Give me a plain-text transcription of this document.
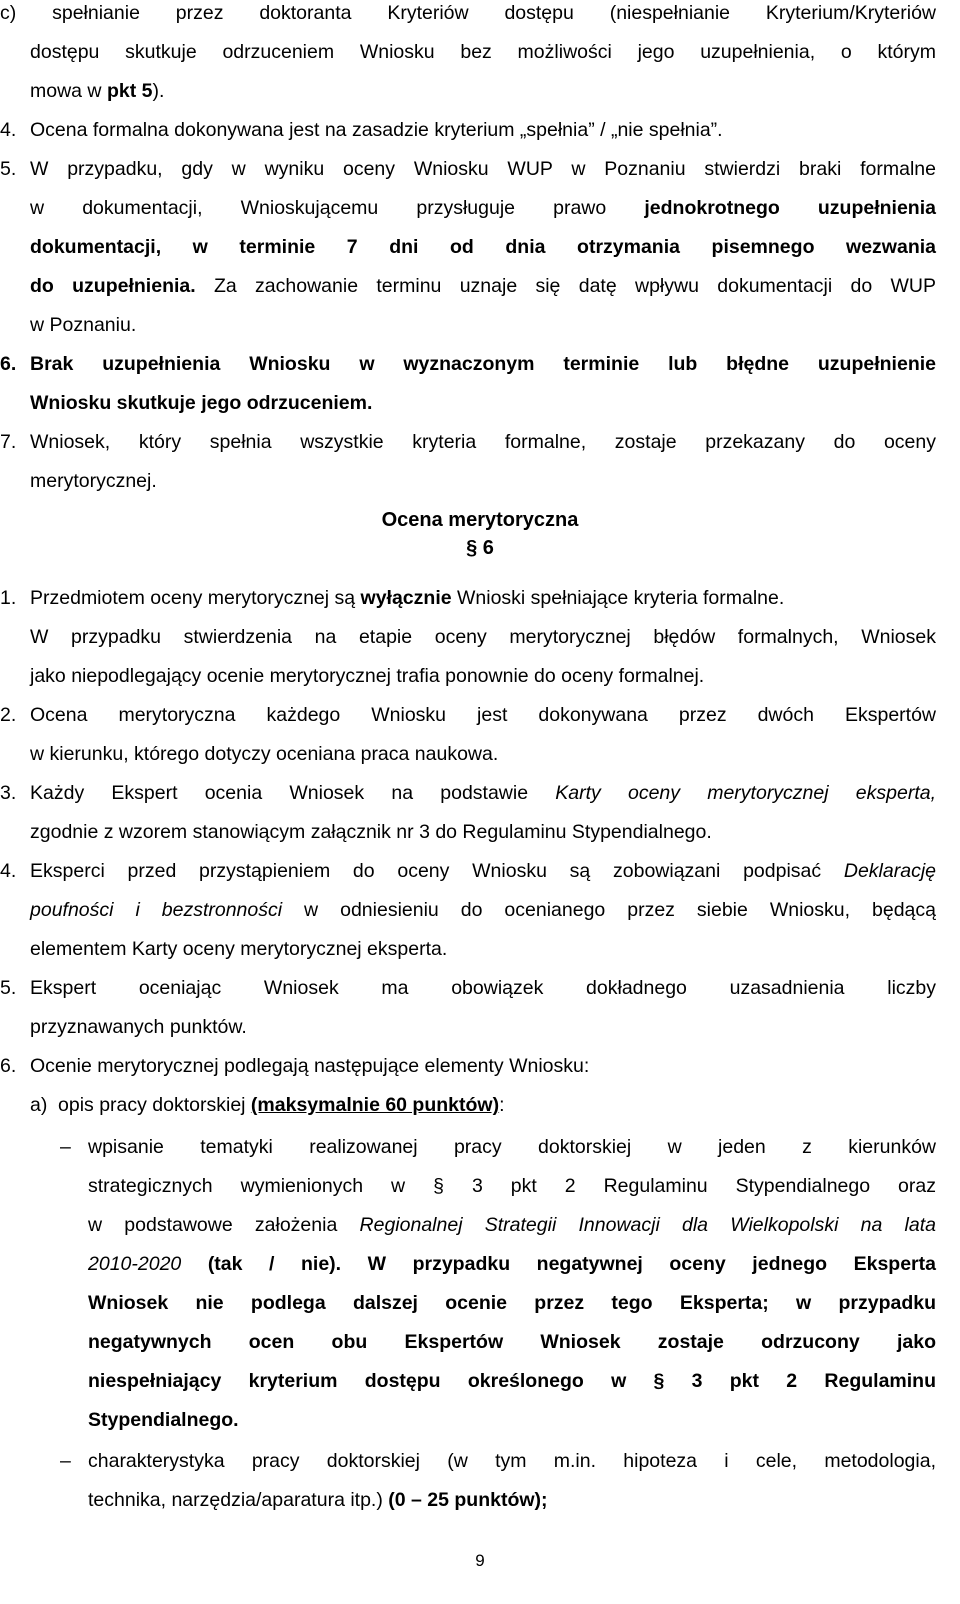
c) spełnianie przez doktoranta Kryteriów dostępu (niespełnianie Kryterium/Kryteriów
dostępu skutkuje odrzuceniem Wniosku bez możliwości jego uzupełnienia, o którym
mowa w pkt 5).
4. Ocena formalna dokonywana jest na zasadzie kryterium „spełnia” / „nie spełnia”.
5. W przypadku, gdy w wyniku oceny Wniosku WUP w Poznaniu stwierdzi braki formalne
w dokumentacji, Wnioskującemu przysługuje prawo jednokrotnego uzupełnienia
dokumentacji, w terminie 7 dni od dnia otrzymania pisemnego wezwania
do uzupełnienia. Za zachowanie terminu uznaje się datę wpływu dokumentacji do WUP
w Poznaniu.
6. Brak uzupełnienia Wniosku w wyznaczonym terminie lub błędne uzupełnienie
Wniosku skutkuje jego odrzuceniem.
7. Wniosek, który spełnia wszystkie kryteria formalne, zostaje przekazany do oceny
merytorycznej.
Ocena merytoryczna
§ 6
1. Przedmiotem oceny merytorycznej są wyłącznie Wnioski spełniające kryteria formalne.
W przypadku stwierdzenia na etapie oceny merytorycznej błędów formalnych, Wniosek
jako niepodlegający ocenie merytorycznej trafia ponownie do oceny formalnej.
2. Ocena merytoryczna każdego Wniosku jest dokonywana przez dwóch Ekspertów
w kierunku, którego dotyczy oceniana praca naukowa.
3. Każdy Ekspert ocenia Wniosek na podstawie Karty oceny merytorycznej eksperta,
zgodnie z wzorem stanowiącym załącznik nr 3 do Regulaminu Stypendialnego.
4. Eksperci przed przystąpieniem do oceny Wniosku są zobowiązani podpisać Deklarację
poufności i bezstronności w odniesieniu do ocenianego przez siebie Wniosku, będącą
elementem Karty oceny merytorycznej eksperta.
5. Ekspert oceniając Wniosek ma obowiązek dokładnego uzasadnienia liczby
przyznawanych punktów.
6. Ocenie merytorycznej podlegają następujące elementy Wniosku:
a) opis pracy doktorskiej (maksymalnie 60 punktów):
– wpisanie tematyki realizowanej pracy doktorskiej w jeden z kierunków
strategicznych wymienionych w § 3 pkt 2 Regulaminu Stypendialnego oraz
w podstawowe założenia Regionalnej Strategii Innowacji dla Wielkopolski na lata
2010-2020 (tak / nie). W przypadku negatywnej oceny jednego Eksperta
Wniosek nie podlega dalszej ocenie przez tego Eksperta; w przypadku
negatywnych ocen obu Ekspertów Wniosek zostaje odrzucony jako
niespełniający kryterium dostępu określonego w § 3 pkt 2 Regulaminu
Stypendialnego.
– charakterystyka pracy doktorskiej (w tym m.in. hipoteza i cele, metodologia,
technika, narzędzia/aparatura itp.) (0 – 25 punktów);
9
